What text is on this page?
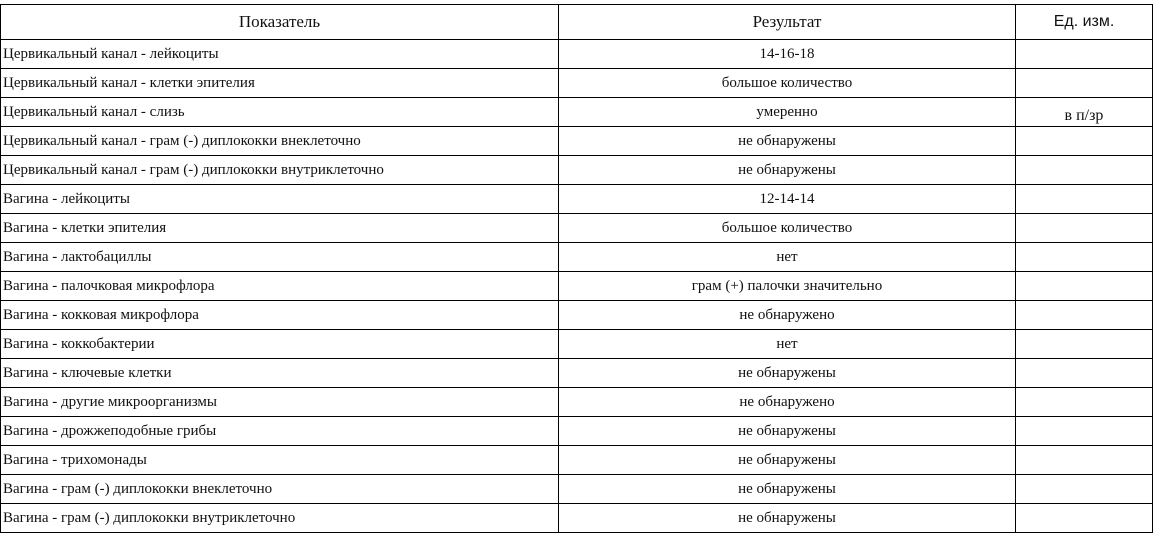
Показатель	Результат	Ед. изм.
Цервикальный канал - лейкоциты	14-16-18	
Цервикальный канал - клетки эпителия	большое количество	
Цервикальный канал - слизь	умеренно	в п/зр
Цервикальный канал - грам (-) диплококки внеклеточно	не обнаружены	
Цервикальный канал - грам (-) диплококки внутриклеточно	не обнаружены	
Вагина - лейкоциты	12-14-14	
Вагина - клетки эпителия	большое количество	
Вагина - лактобациллы	нет	
Вагина - палочковая микрофлора	грам (+) палочки значительно	
Вагина - кокковая микрофлора	не обнаружено	
Вагина - коккобактерии	нет	
Вагина - ключевые клетки	не обнаружены	
Вагина - другие микроорганизмы	не обнаружено	
Вагина - дрожжеподобные грибы	не обнаружены	
Вагина - трихомонады	не обнаружены	
Вагина - грам (-) диплококки внеклеточно	не обнаружены	
Вагина - грам (-) диплококки внутриклеточно	не обнаружены	
